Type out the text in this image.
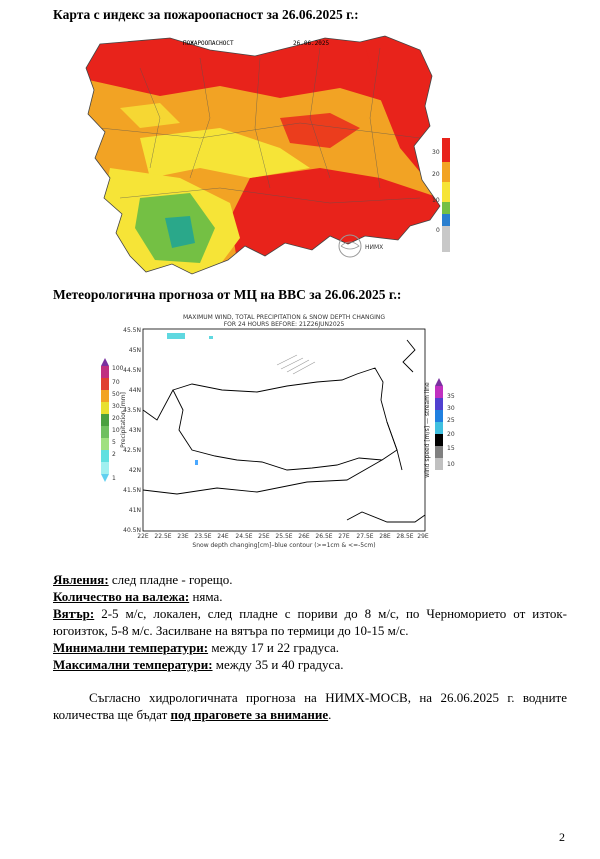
Карта с индекс за пожароопасност за 26.06.2025 г.:
ПОЖАРООПАСНОСТ	26.06.2025
30
20
10
0
НИМХ
Метеорологична прогноза от МЦ на ВВС за 26.06.2025 г.:
MAXIMUM WIND, TOTAL PRECIPITATION & SNOW DEPTH CHANGING
FOR 24 HOURS BEFORE: 21Z26JUN2025
45.5N
45N
44.5N
44N
43.5N
43N
42.5N
42N
41.5N
41N
40.5N
22E 22.5E 23E 23.5E 24E 24.5E 25E 25.5E 26E 26.5E 27E 27.5E 28E 28.5E 29E
100
70
50
30
20
10
5
2
1
Precipitation [mm]	35
30
25
20
15
10
wind speed [m/s] — stream line
Snow depth changing[cm]–blue contour (>=1cm & <=-5cm)
Явления: след пладне - горещо.
Количество на валежа: няма.
Вятър: 2-5 м/с, локален, след пладне с пориви до 8 м/с, по Черноморието от изток-югоизток, 5-8 м/с. Засилване на вятъра по термици до 10-15 м/с.
Минимални температури: между 17 и 22 градуса.
Максимални температури: между 35 и 40 градуса.
Съгласно хидрологичната прогноза на НИМХ-МОСВ, на 26.06.2025 г. водните количества ще бъдат под праговете за внимание.
2
